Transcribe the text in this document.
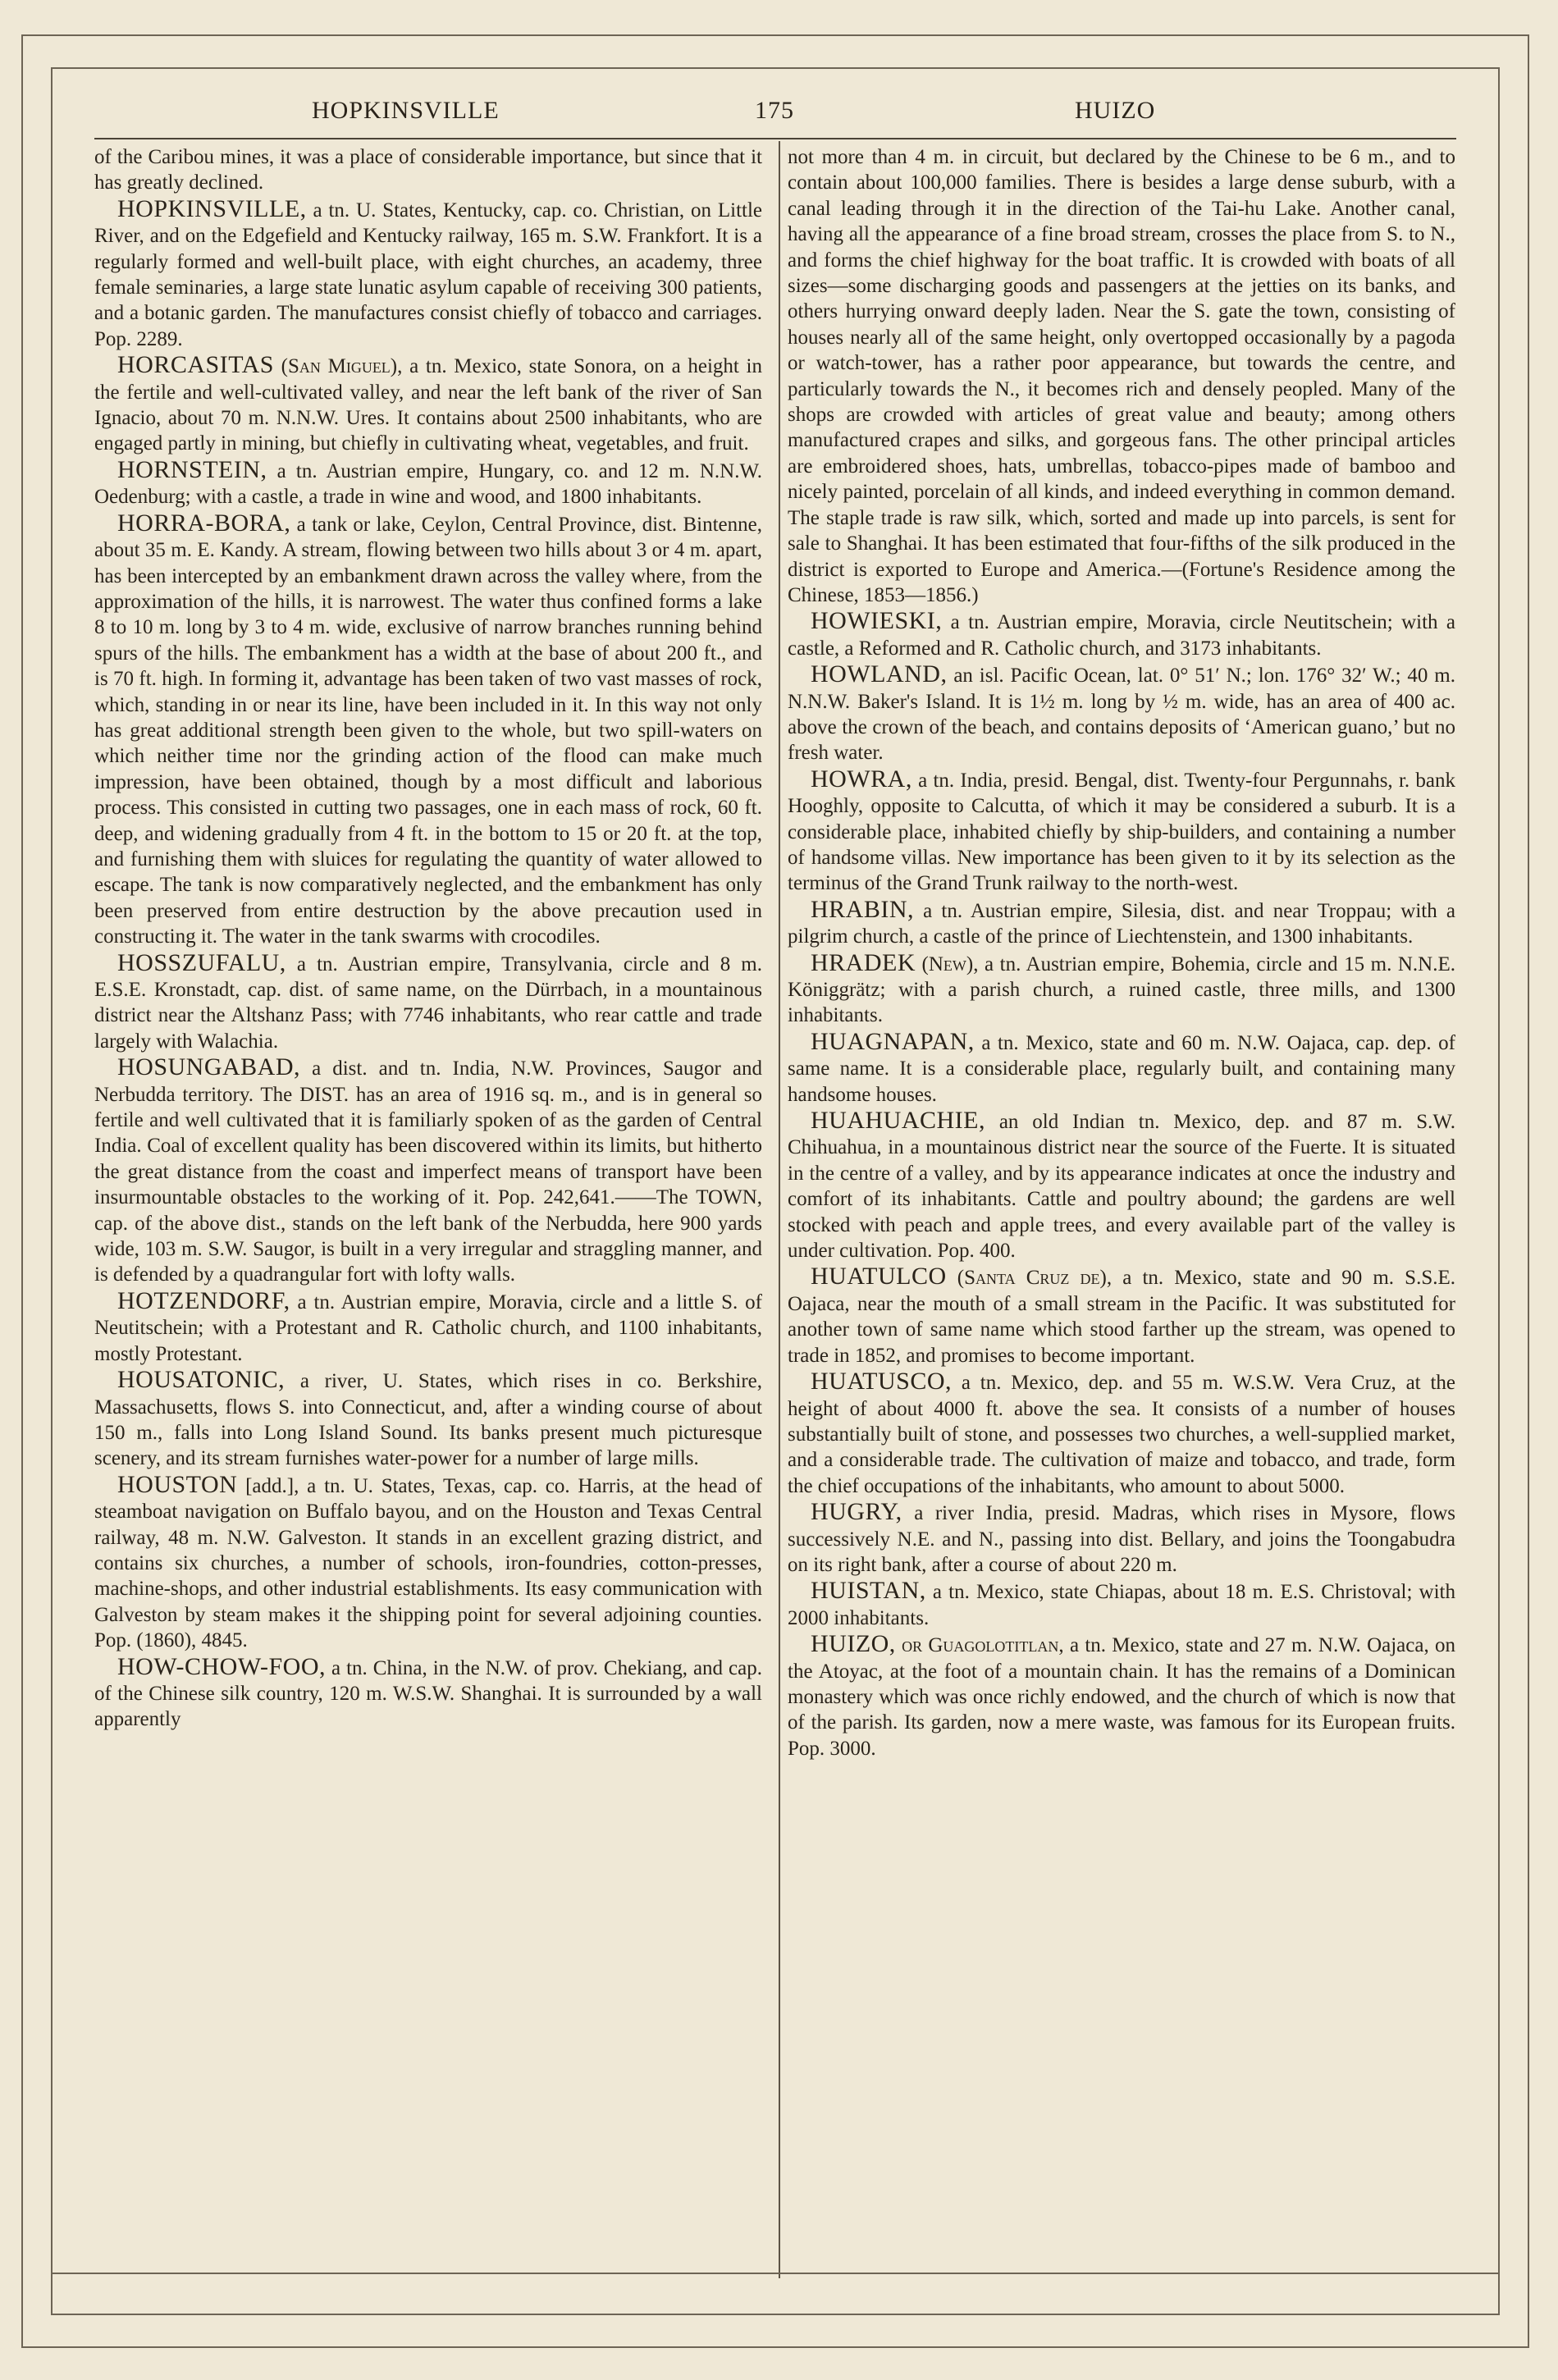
HOPKINSVILLE	175	HUIZO

of the Caribou mines, it was a place of considerable importance, but since that it has greatly declined.

HOPKINSVILLE, a tn. U. States, Kentucky, cap. co. Christian, on Little River, and on the Edgefield and Kentucky railway, 165 m. S.W. Frankfort. It is a regularly formed and well-built place, with eight churches, an academy, three female seminaries, a large state lunatic asylum capable of receiving 300 patients, and a botanic garden. The manufactures consist chiefly of tobacco and carriages. Pop. 2289.

HORCASITAS (San Miguel), a tn. Mexico, state Sonora, on a height in the fertile and well-cultivated valley, and near the left bank of the river of San Ignacio, about 70 m. N.N.W. Ures. It contains about 2500 inhabitants, who are engaged partly in mining, but chiefly in cultivating wheat, vegetables, and fruit.

HORNSTEIN, a tn. Austrian empire, Hungary, co. and 12 m. N.N.W. Oedenburg; with a castle, a trade in wine and wood, and 1800 inhabitants.

HORRA-BORA, a tank or lake, Ceylon, Central Province, dist. Bintenne, about 35 m. E. Kandy. A stream, flowing between two hills about 3 or 4 m. apart, has been intercepted by an embankment drawn across the valley where, from the approximation of the hills, it is narrowest. The water thus confined forms a lake 8 to 10 m. long by 3 to 4 m. wide, exclusive of narrow branches running behind spurs of the hills. The embankment has a width at the base of about 200 ft., and is 70 ft. high. In forming it, advantage has been taken of two vast masses of rock, which, standing in or near its line, have been included in it. In this way not only has great additional strength been given to the whole, but two spill-waters on which neither time nor the grinding action of the flood can make much impression, have been obtained, though by a most difficult and laborious process. This consisted in cutting two passages, one in each mass of rock, 60 ft. deep, and widening gradually from 4 ft. in the bottom to 15 or 20 ft. at the top, and furnishing them with sluices for regulating the quantity of water allowed to escape. The tank is now comparatively neglected, and the embankment has only been preserved from entire destruction by the above precaution used in constructing it. The water in the tank swarms with crocodiles.

HOSSZUFALU, a tn. Austrian empire, Transylvania, circle and 8 m. E.S.E. Kronstadt, cap. dist. of same name, on the Dürrbach, in a mountainous district near the Altshanz Pass; with 7746 inhabitants, who rear cattle and trade largely with Walachia.

HOSUNGABAD, a dist. and tn. India, N.W. Provinces, Saugor and Nerbudda territory. The DIST. has an area of 1916 sq. m., and is in general so fertile and well cultivated that it is familiarly spoken of as the garden of Central India. Coal of excellent quality has been discovered within its limits, but hitherto the great distance from the coast and imperfect means of transport have been insurmountable obstacles to the working of it. Pop. 242,641.——The TOWN, cap. of the above dist., stands on the left bank of the Nerbudda, here 900 yards wide, 103 m. S.W. Saugor, is built in a very irregular and straggling manner, and is defended by a quadrangular fort with lofty walls.

HOTZENDORF, a tn. Austrian empire, Moravia, circle and a little S. of Neutitschein; with a Protestant and R. Catholic church, and 1100 inhabitants, mostly Protestant.

HOUSATONIC, a river, U. States, which rises in co. Berkshire, Massachusetts, flows S. into Connecticut, and, after a winding course of about 150 m., falls into Long Island Sound. Its banks present much picturesque scenery, and its stream furnishes water-power for a number of large mills.

HOUSTON [add.], a tn. U. States, Texas, cap. co. Harris, at the head of steamboat navigation on Buffalo bayou, and on the Houston and Texas Central railway, 48 m. N.W. Galveston. It stands in an excellent grazing district, and contains six churches, a number of schools, iron-foundries, cotton-presses, machine-shops, and other industrial establishments. Its easy communication with Galveston by steam makes it the shipping point for several adjoining counties. Pop. (1860), 4845.

HOW-CHOW-FOO, a tn. China, in the N.W. of prov. Chekiang, and cap. of the Chinese silk country, 120 m. W.S.W. Shanghai. It is surrounded by a wall apparently

not more than 4 m. in circuit, but declared by the Chinese to be 6 m., and to contain about 100,000 families. There is besides a large dense suburb, with a canal leading through it in the direction of the Tai-hu Lake. Another canal, having all the appearance of a fine broad stream, crosses the place from S. to N., and forms the chief highway for the boat traffic. It is crowded with boats of all sizes—some discharging goods and passengers at the jetties on its banks, and others hurrying onward deeply laden. Near the S. gate the town, consisting of houses nearly all of the same height, only overtopped occasionally by a pagoda or watch-tower, has a rather poor appearance, but towards the centre, and particularly towards the N., it becomes rich and densely peopled. Many of the shops are crowded with articles of great value and beauty; among others manufactured crapes and silks, and gorgeous fans. The other principal articles are embroidered shoes, hats, umbrellas, tobacco-pipes made of bamboo and nicely painted, porcelain of all kinds, and indeed everything in common demand. The staple trade is raw silk, which, sorted and made up into parcels, is sent for sale to Shanghai. It has been estimated that four-fifths of the silk produced in the district is exported to Europe and America.—(Fortune's Residence among the Chinese, 1853—1856.)

HOWIESKI, a tn. Austrian empire, Moravia, circle Neutitschein; with a castle, a Reformed and R. Catholic church, and 3173 inhabitants.

HOWLAND, an isl. Pacific Ocean, lat. 0° 51′ N.; lon. 176° 32′ W.; 40 m. N.N.W. Baker's Island. It is 1½ m. long by ½ m. wide, has an area of 400 ac. above the crown of the beach, and contains deposits of ‘American guano,’ but no fresh water.

HOWRA, a tn. India, presid. Bengal, dist. Twenty-four Pergunnahs, r. bank Hooghly, opposite to Calcutta, of which it may be considered a suburb. It is a considerable place, inhabited chiefly by ship-builders, and containing a number of handsome villas. New importance has been given to it by its selection as the terminus of the Grand Trunk railway to the north-west.

HRABIN, a tn. Austrian empire, Silesia, dist. and near Troppau; with a pilgrim church, a castle of the prince of Liechtenstein, and 1300 inhabitants.

HRADEK (New), a tn. Austrian empire, Bohemia, circle and 15 m. N.N.E. Königgrätz; with a parish church, a ruined castle, three mills, and 1300 inhabitants.

HUAGNAPAN, a tn. Mexico, state and 60 m. N.W. Oajaca, cap. dep. of same name. It is a considerable place, regularly built, and containing many handsome houses.

HUAHUACHIE, an old Indian tn. Mexico, dep. and 87 m. S.W. Chihuahua, in a mountainous district near the source of the Fuerte. It is situated in the centre of a valley, and by its appearance indicates at once the industry and comfort of its inhabitants. Cattle and poultry abound; the gardens are well stocked with peach and apple trees, and every available part of the valley is under cultivation. Pop. 400.

HUATULCO (Santa Cruz de), a tn. Mexico, state and 90 m. S.S.E. Oajaca, near the mouth of a small stream in the Pacific. It was substituted for another town of same name which stood farther up the stream, was opened to trade in 1852, and promises to become important.

HUATUSCO, a tn. Mexico, dep. and 55 m. W.S.W. Vera Cruz, at the height of about 4000 ft. above the sea. It consists of a number of houses substantially built of stone, and possesses two churches, a well-supplied market, and a considerable trade. The cultivation of maize and tobacco, and trade, form the chief occupations of the inhabitants, who amount to about 5000.

HUGRY, a river India, presid. Madras, which rises in Mysore, flows successively N.E. and N., passing into dist. Bellary, and joins the Toongabudra on its right bank, after a course of about 220 m.

HUISTAN, a tn. Mexico, state Chiapas, about 18 m. E.S. Christoval; with 2000 inhabitants.

HUIZO, or Guagolotitlan, a tn. Mexico, state and 27 m. N.W. Oajaca, on the Atoyac, at the foot of a mountain chain. It has the remains of a Dominican monastery which was once richly endowed, and the church of which is now that of the parish. Its garden, now a mere waste, was famous for its European fruits. Pop. 3000.
